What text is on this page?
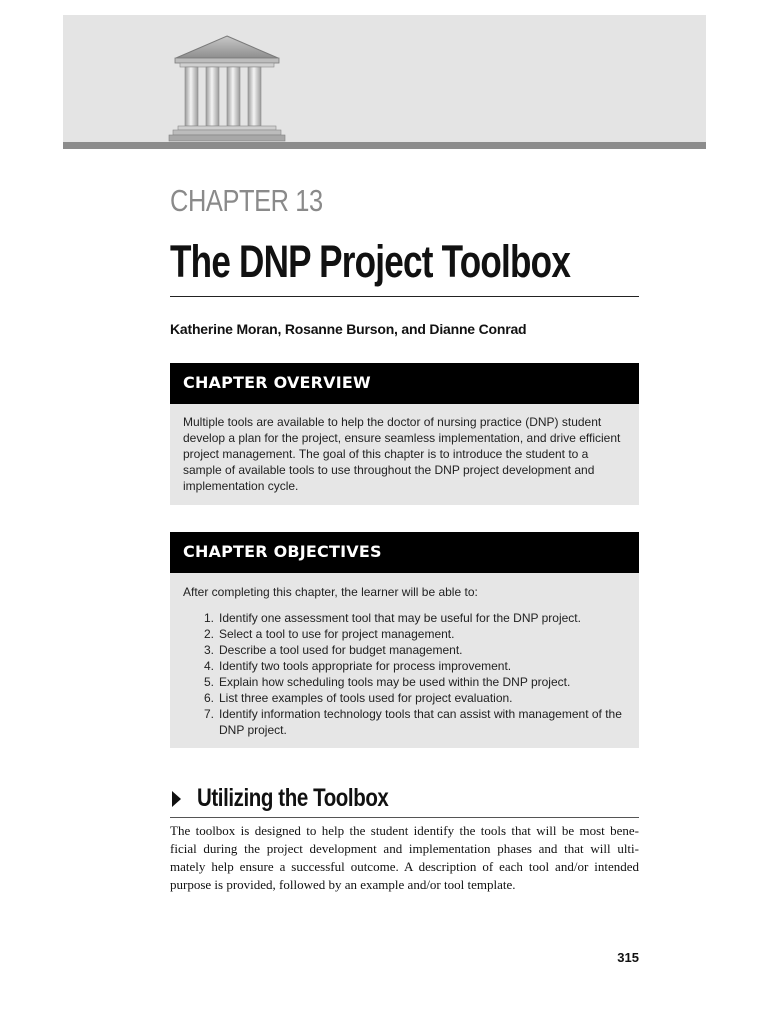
CHAPTER 13
The DNP Project Toolbox
Katherine Moran, Rosanne Burson, and Dianne Conrad
CHAPTER OVERVIEW
Multiple tools are available to help the doctor of nursing practice (DNP) student
develop a plan for the project, ensure seamless implementation, and drive efficient
project management. The goal of this chapter is to introduce the student to a
sample of available tools to use throughout the DNP project development and
implementation cycle.
CHAPTER OBJECTIVES
After completing this chapter, the learner will be able to:
1. Identify one assessment tool that may be useful for the DNP project.
2. Select a tool to use for project management.
3. Describe a tool used for budget management.
4. Identify two tools appropriate for process improvement.
5. Explain how scheduling tools may be used within the DNP project.
6. List three examples of tools used for project evaluation.
7. Identify information technology tools that can assist with management of the
DNP project.
Utilizing the Toolbox
The toolbox is designed to help the student identify the tools that will be most bene-
ficial during the project development and implementation phases and that will ulti-
mately help ensure a successful outcome. A description of each tool and/or intended
purpose is provided, followed by an example and/or tool template.
315
